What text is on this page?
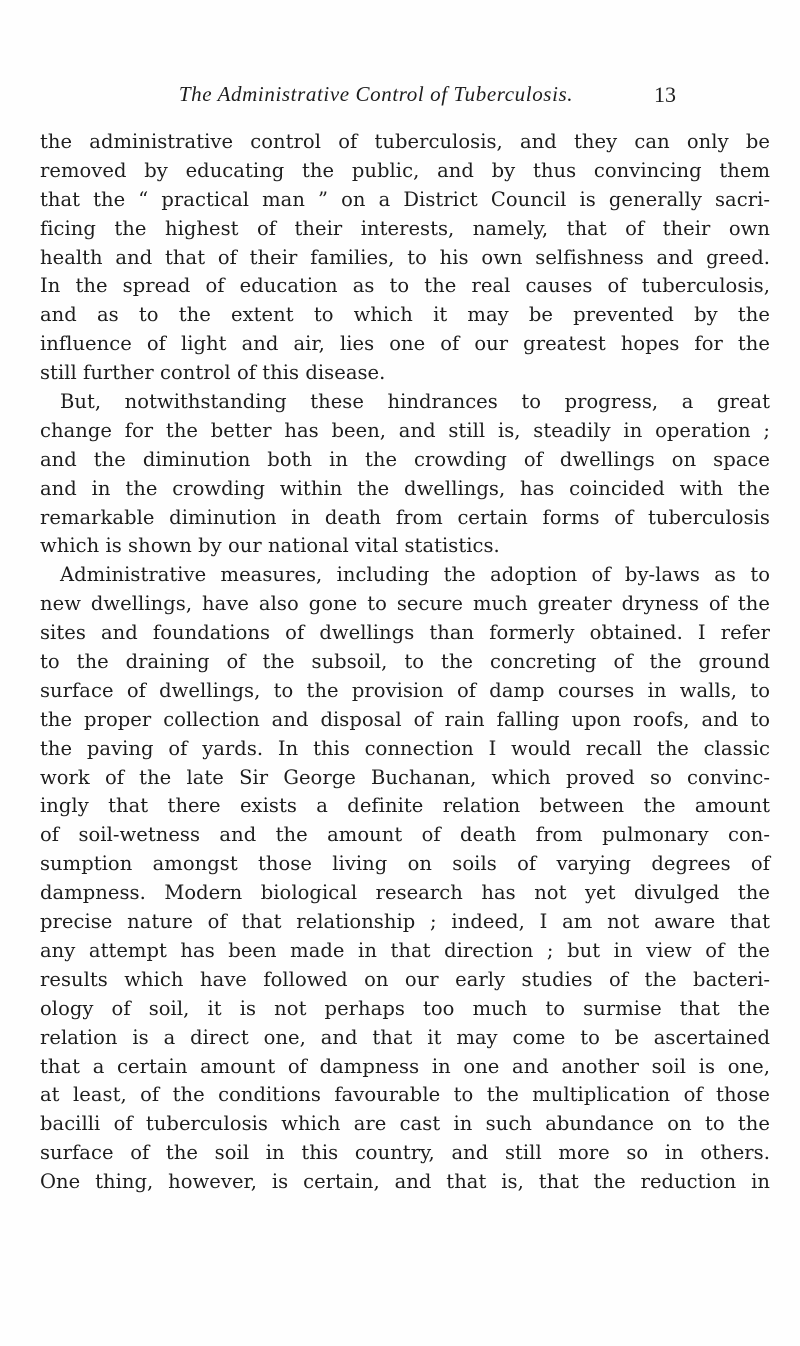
The Administrative Control of Tuberculosis.	13
the administrative control of tuberculosis, and they can only be
removed by educating the public, and by thus convincing them
that the “ practical man ” on a District Council is generally sacri-
ficing the highest of their interests, namely, that of their own
health and that of their families, to his own selfishness and greed.
In the spread of education as to the real causes of tuberculosis,
and as to the extent to which it may be prevented by the
influence of light and air, lies one of our greatest hopes for the
still further control of this disease.
But, notwithstanding these hindrances to progress, a great
change for the better has been, and still is, steadily in operation ;
and the diminution both in the crowding of dwellings on space
and in the crowding within the dwellings, has coincided with the
remarkable diminution in death from certain forms of tuberculosis
which is shown by our national vital statistics.
Administrative measures, including the adoption of by-laws as to
new dwellings, have also gone to secure much greater dryness of the
sites and foundations of dwellings than formerly obtained. I refer
to the draining of the subsoil, to the concreting of the ground
surface of dwellings, to the provision of damp courses in walls, to
the proper collection and disposal of rain falling upon roofs, and to
the paving of yards. In this connection I would recall the classic
work of the late Sir George Buchanan, which proved so convinc-
ingly that there exists a definite relation between the amount
of soil-wetness and the amount of death from pulmonary con-
sumption amongst those living on soils of varying degrees of
dampness. Modern biological research has not yet divulged the
precise nature of that relationship ; indeed, I am not aware that
any attempt has been made in that direction ; but in view of the
results which have followed on our early studies of the bacteri-
ology of soil, it is not perhaps too much to surmise that the
relation is a direct one, and that it may come to be ascertained
that a certain amount of dampness in one and another soil is one,
at least, of the conditions favourable to the multiplication of those
bacilli of tuberculosis which are cast in such abundance on to the
surface of the soil in this country, and still more so in others.
One thing, however, is certain, and that is, that the reduction in
